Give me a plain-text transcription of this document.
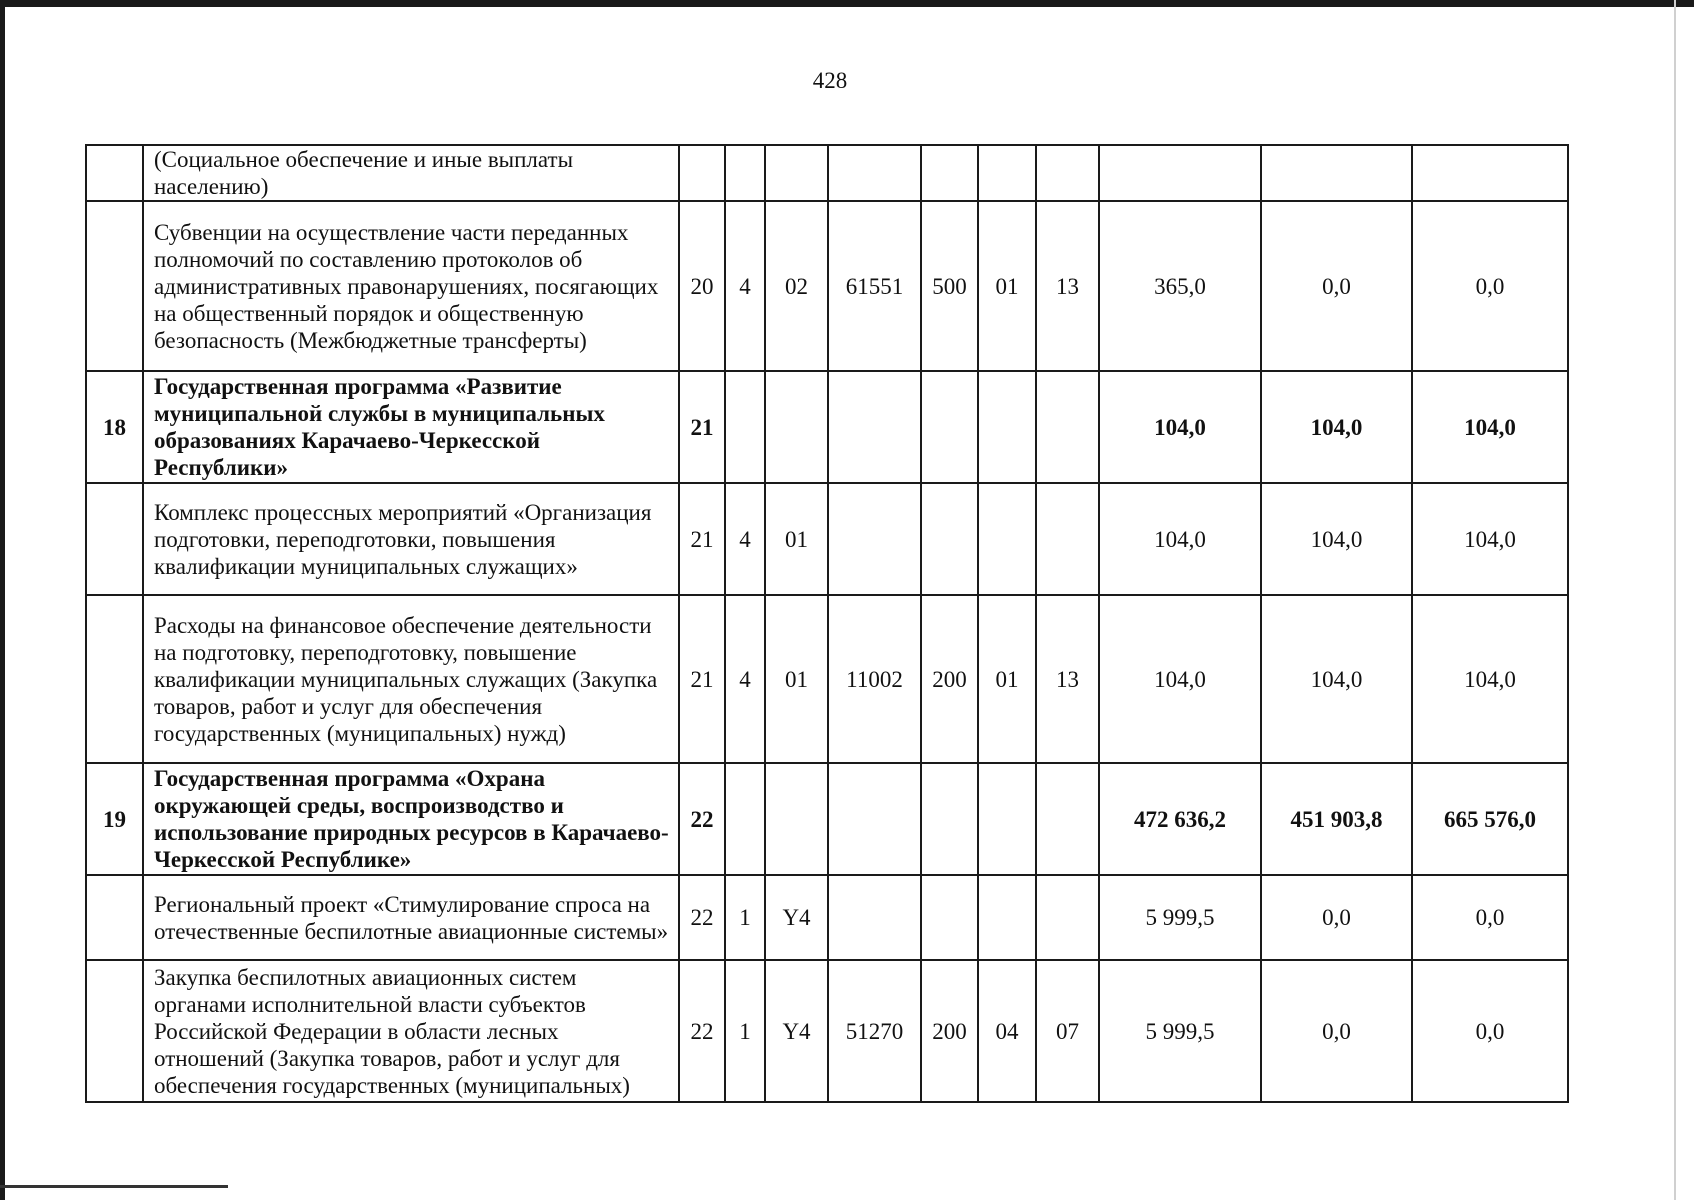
428
	(Социальное обеспечение и иные выплаты населению)										
	Субвенции на осуществление части переданных полномочий по составлению протоколов об административных правонарушениях, посягающих на общественный порядок и общественную безопасность (Межбюджетные трансферты)	20	4	02	61551	500	01	13	365,0	0,0	0,0
18	Государственная программа «Развитие муниципальной службы в муниципальных образованиях Карачаево-Черкесской Республики»	21							104,0	104,0	104,0
	Комплекс процессных мероприятий «Организация подготовки, переподготовки, повышения квалификации муниципальных служащих»	21	4	01					104,0	104,0	104,0
	Расходы на финансовое обеспечение деятельности на подготовку, переподготовку, повышение квалификации муниципальных служащих (Закупка товаров, работ и услуг для обеспечения государственных (муниципальных) нужд)	21	4	01	11002	200	01	13	104,0	104,0	104,0
19	Государственная программа «Охрана окружающей среды, воспроизводство и использование природных ресурсов в Карачаево-Черкесской Республике»	22							472 636,2	451 903,8	665 576,0
	Региональный проект «Стимулирование спроса на отечественные беспилотные авиационные системы»	22	1	Y4					5 999,5	0,0	0,0
	Закупка беспилотных авиационных систем органами исполнительной власти субъектов Российской Федерации в области лесных отношений (Закупка товаров, работ и услуг для обеспечения государственных (муниципальных)	22	1	Y4	51270	200	04	07	5 999,5	0,0	0,0
